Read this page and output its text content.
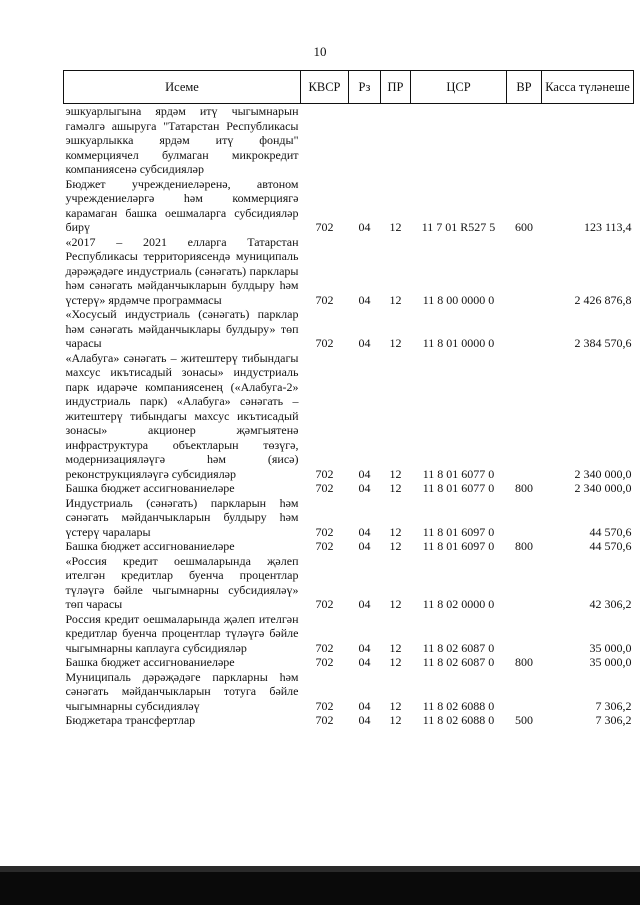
10
Исеме	КВСР	Рз	ПР	ЦСР	ВР	Касса түләнеше
эшкуарлыгына ярдәм итү чыгымнарын гамәлгә ашыруга "Татарстан Республикасы эшкуарлыкка ярдәм итү фонды" коммерциячел булмаган микрокредит компаниясенә субсидияләр						
Бюджет учреждениеләренә, автоном учреждениеләргә һәм коммерциягә карамаган башка оешмаларга субсидияләр бирү	702	04	12	11 7 01 R527 5	600	123 113,4
«2017 – 2021 елларга Татарстан Республикасы территориясендә муниципаль дәрәҗәдәге индустриаль (сәнәгать) парклары һәм сәнәгать мәйданчыкларын булдыру һәм үстерү» ярдәмче программасы	702	04	12	11 8 00 0000 0		2 426 876,8
«Хосусый индустриаль (сәнәгать) парклар һәм сәнәгать мәйданчыклары булдыру» төп чарасы	702	04	12	11 8 01 0000 0		2 384 570,6
«Алабуга» сәнәгать – житештерү тибындагы махсус икътисадый зонасы» индустриаль парк идарәче компаниясенең («Алабуга-2» индустриаль парк) «Алабуга» сәнәгать – житештерү тибындагы махсус икътисадый зонасы» акционер җәмгыятенә инфраструктура объектларын төзүгә, модернизацияләүгә һәм (яисә) реконструкцияләүгә субсидияләр	702	04	12	11 8 01 6077 0		2 340 000,0
Башка бюджет ассигнованиеләре	702	04	12	11 8 01 6077 0	800	2 340 000,0
Индустриаль (сәнәгать) паркларын һәм сәнәгать мәйданчыкларын булдыру һәм үстерү чаралары	702	04	12	11 8 01 6097 0		44 570,6
Башка бюджет ассигнованиеләре	702	04	12	11 8 01 6097 0	800	44 570,6
«Россия кредит оешмаларында җәлеп ителгән кредитлар буенча процентлар түләүгә бәйле чыгымнарны субсидияләү» төп чарасы	702	04	12	11 8 02 0000 0		42 306,2
Россия кредит оешмаларында җәлеп ителгән кредитлар буенча процентлар түләүгә бәйле чыгымнарны каплауга субсидияләр	702	04	12	11 8 02 6087 0		35 000,0
Башка бюджет ассигнованиеләре	702	04	12	11 8 02 6087 0	800	35 000,0
Муниципаль дәрәҗәдәге паркларны һәм сәнәгать мәйданчыкларын тотуга бәйле чыгымнарны субсидияләү	702	04	12	11 8 02 6088 0		7 306,2
Бюджетара трансфертлар	702	04	12	11 8 02 6088 0	500	7 306,2
